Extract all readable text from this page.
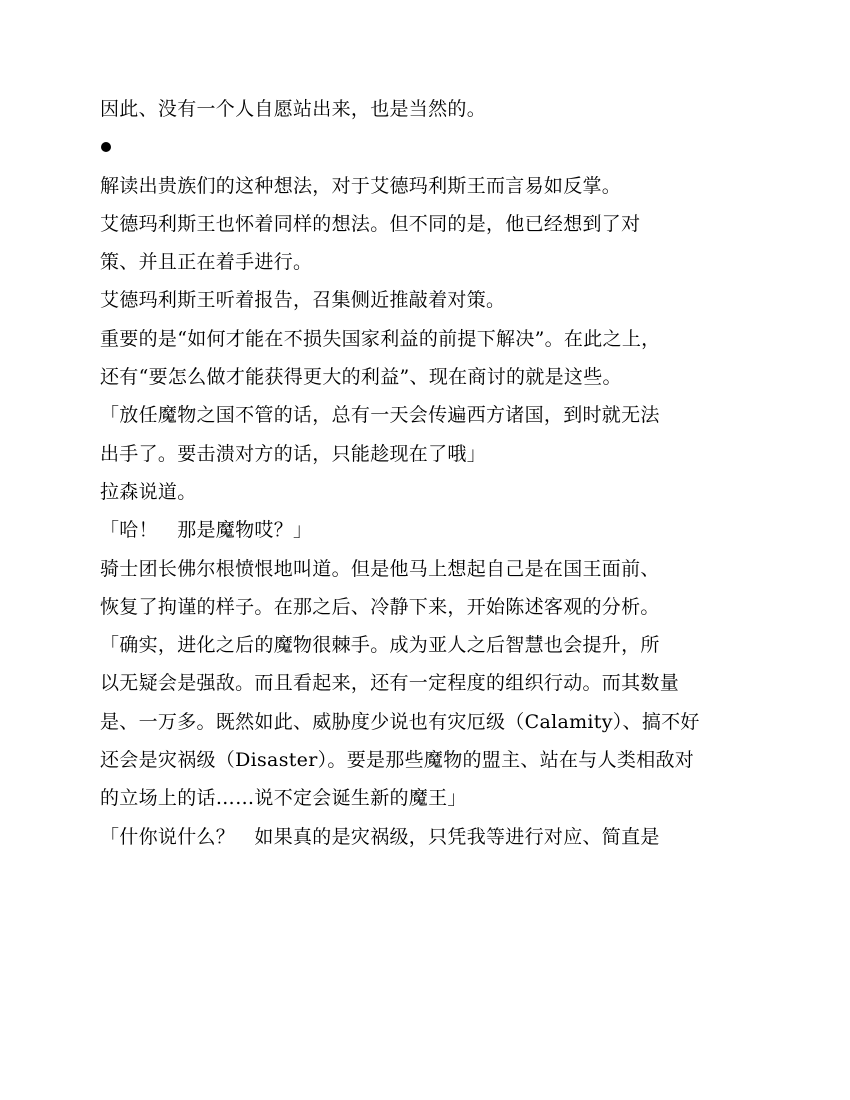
因此、没有一个人自愿站出来，也是当然的。
解读出贵族们的这种想法，对于艾德玛利斯王而言易如反掌。
艾德玛利斯王也怀着同样的想法。但不同的是，他已经想到了对
策、并且正在着手进行。
艾德玛利斯王听着报告，召集侧近推敲着对策。
重要的是“如何才能在不损失国家利益的前提下解决”。在此之上，
还有“要怎么做才能获得更大的利益”、现在商讨的就是这些。
「放任魔物之国不管的话，总有一天会传遍西方诸国，到时就无法
出手了。要击溃对方的话，只能趁现在了哦」
拉森说道。
「哈！　那是魔物哎？」
骑士团长佛尔根愤恨地叫道。但是他马上想起自己是在国王面前、
恢复了拘谨的样子。在那之后、冷静下来，开始陈述客观的分析。
「确实，进化之后的魔物很棘手。成为亚人之后智慧也会提升，所
以无疑会是强敌。而且看起来，还有一定程度的组织行动。而其数量
是、一万多。既然如此、威胁度少说也有灾厄级（Calamity）、搞不好
还会是灾祸级（Disaster）。要是那些魔物的盟主、站在与人类相敌对
的立场上的话……说不定会诞生新的魔王」
「什你说什么？　如果真的是灾祸级，只凭我等进行对应、简直是
